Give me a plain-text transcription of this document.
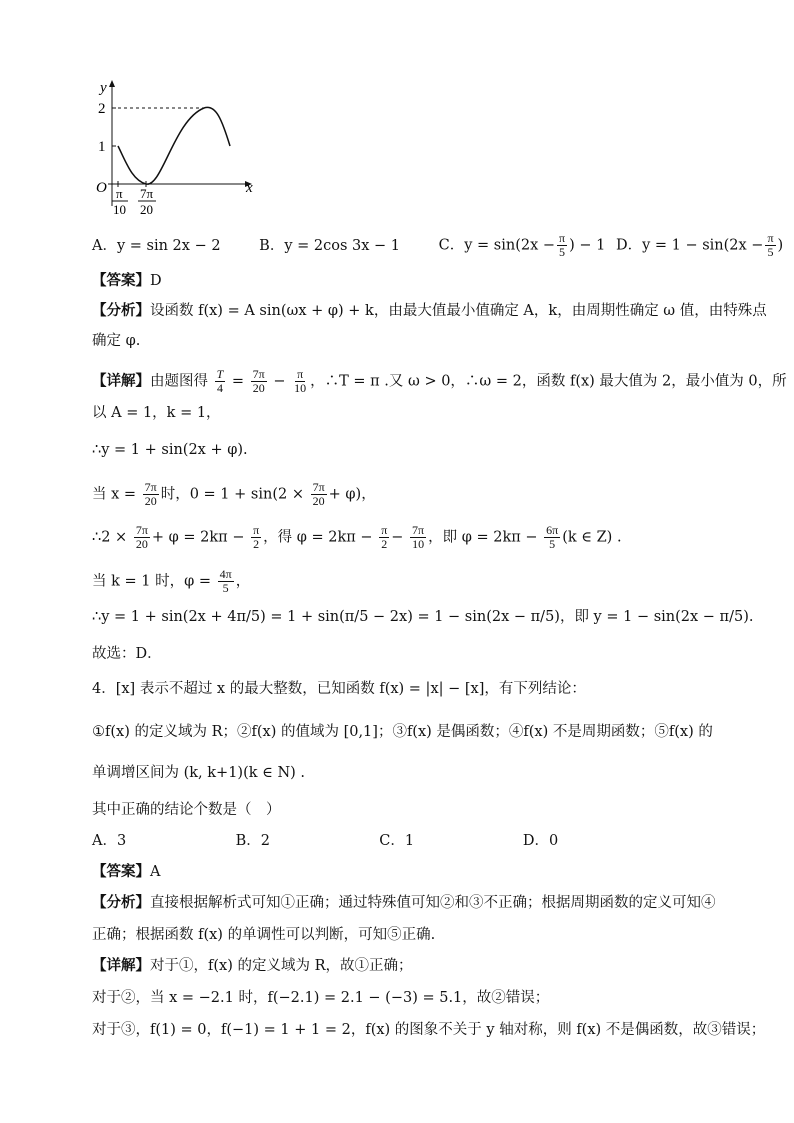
y
x
O
2
1
π
10
7π
20
A．y = sin 2x − 2	B．y = 2cos 3x − 1	C．$y = \sin(2x - \frac{\pi}{5}$ ) − 1 D．$y = 1 - \sin(2x - \frac{\pi}{5}$ )
【答案】D
【分析】设函数 f(x) = A sin(ωx + φ) + k，由最大值最小值确定 A，k，由周期性确定 ω 值，由特殊点
确定 φ.
【详解】由题图得 $\frac{T}{4} = \frac{7\pi}{20} - \frac{\pi}{10}$ ，∴T = π .又 ω > 0，∴ω = 2，函数 f(x) 最大值为 2，最小值为 0，所
以 A = 1，k = 1，
∴y = 1 + sin(2x + φ).
当 $x = \frac{7\pi}{20}$ 时，$0 = 1 + \sin(2 \times \frac{7\pi}{20} + \varphi)$，
∴2 × $\frac{7\pi}{20} + \varphi = 2k\pi - \frac{\pi}{2}$ ，得 $\varphi = 2k\pi - \frac{\pi}{2} - \frac{7\pi}{10}$ ，即 $\varphi = 2k\pi - \frac{6\pi}{5} (k$ ∈ Z) .
当 k = 1 时，$\varphi = \frac{4\pi}{5}$ ，
∴y = 1 + sin(2x + 4π/5) = 1 + sin(π/5 − 2x) = 1 − sin(2x − π/5)，即 y = 1 − sin(2x − π/5).
故选：D．
4．[x] 表示不超过 x 的最大整数，已知函数 f(x) = |x| − [x]，有下列结论：
①f(x) 的定义域为 R；②f(x) 的值域为 [0,1]；③f(x) 是偶函数；④f(x) 不是周期函数；⑤f(x) 的
单调增区间为 (k, k+1)(k ∈ N) .
其中正确的结论个数是（　）
A．3	B．2	C．1	D．0
【答案】A
【分析】直接根据解析式可知①正确；通过特殊值可知②和③不正确；根据周期函数的定义可知④
正确；根据函数 f(x) 的单调性可以判断，可知⑤正确.
【详解】对于①，f(x) 的定义域为 R，故①正确；
对于②，当 x = −2.1 时，f(−2.1) = 2.1 − (−3) = 5.1，故②错误；
对于③，f(1) = 0，f(−1) = 1 + 1 = 2，f(x) 的图象不关于 y 轴对称，则 f(x) 不是偶函数，故③错误；
